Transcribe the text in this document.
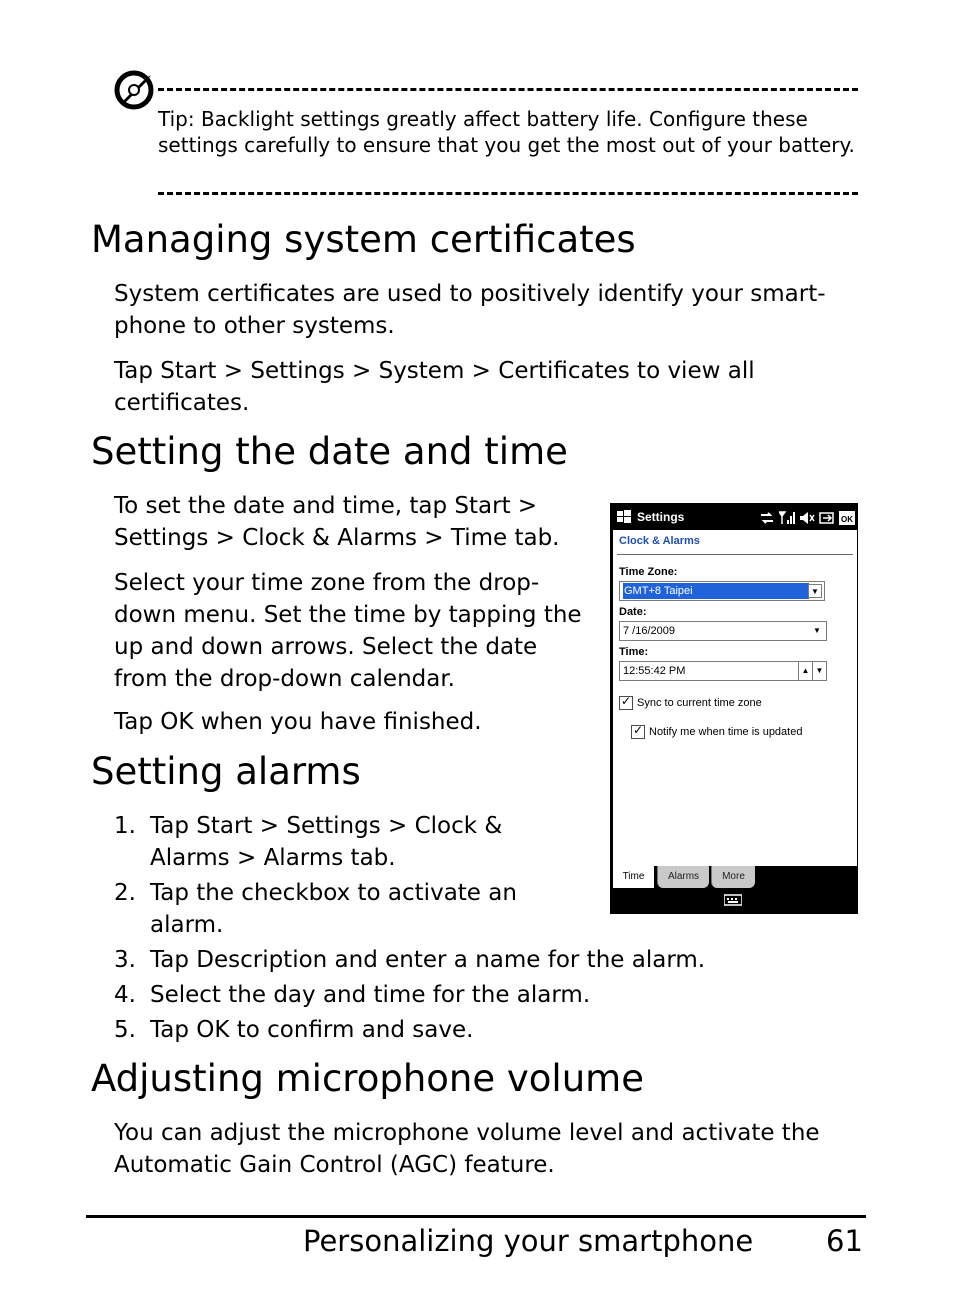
Tip: Backlight settings greatly affect battery life. Configure these settings carefully to ensure that you get the most out of your battery.
Managing system certificates
System certificates are used to positively identify your smart-phone to other systems.
Tap Start > Settings > System > Certificates to view all certificates.
Setting the date and time
To set the date and time, tap Start > Settings > Clock & Alarms > Time tab.
Select your time zone from the drop-down menu. Set the time by tapping the up and down arrows. Select the date from the drop-down calendar.
Tap OK when you have finished.
Setting alarms
1. Tap Start > Settings > Clock & Alarms > Alarms tab.
2. Tap the checkbox to activate an alarm.
3. Tap Description and enter a name for the alarm.
4. Select the day and time for the alarm.
5. Tap OK to confirm and save.
Adjusting microphone volume
You can adjust the microphone volume level and activate the Automatic Gain Control (AGC) feature.
Settings	OK
Clock & Alarms
Time Zone:
GMT+8 Taipei	▼
Date:
7 /16/2009	▼
Time:
12:55:42 PM	▲ ▼
✓
Sync to current time zone
✓
Notify me when time is updated
Time	Alarms	More
Personalizing your smartphone	61
